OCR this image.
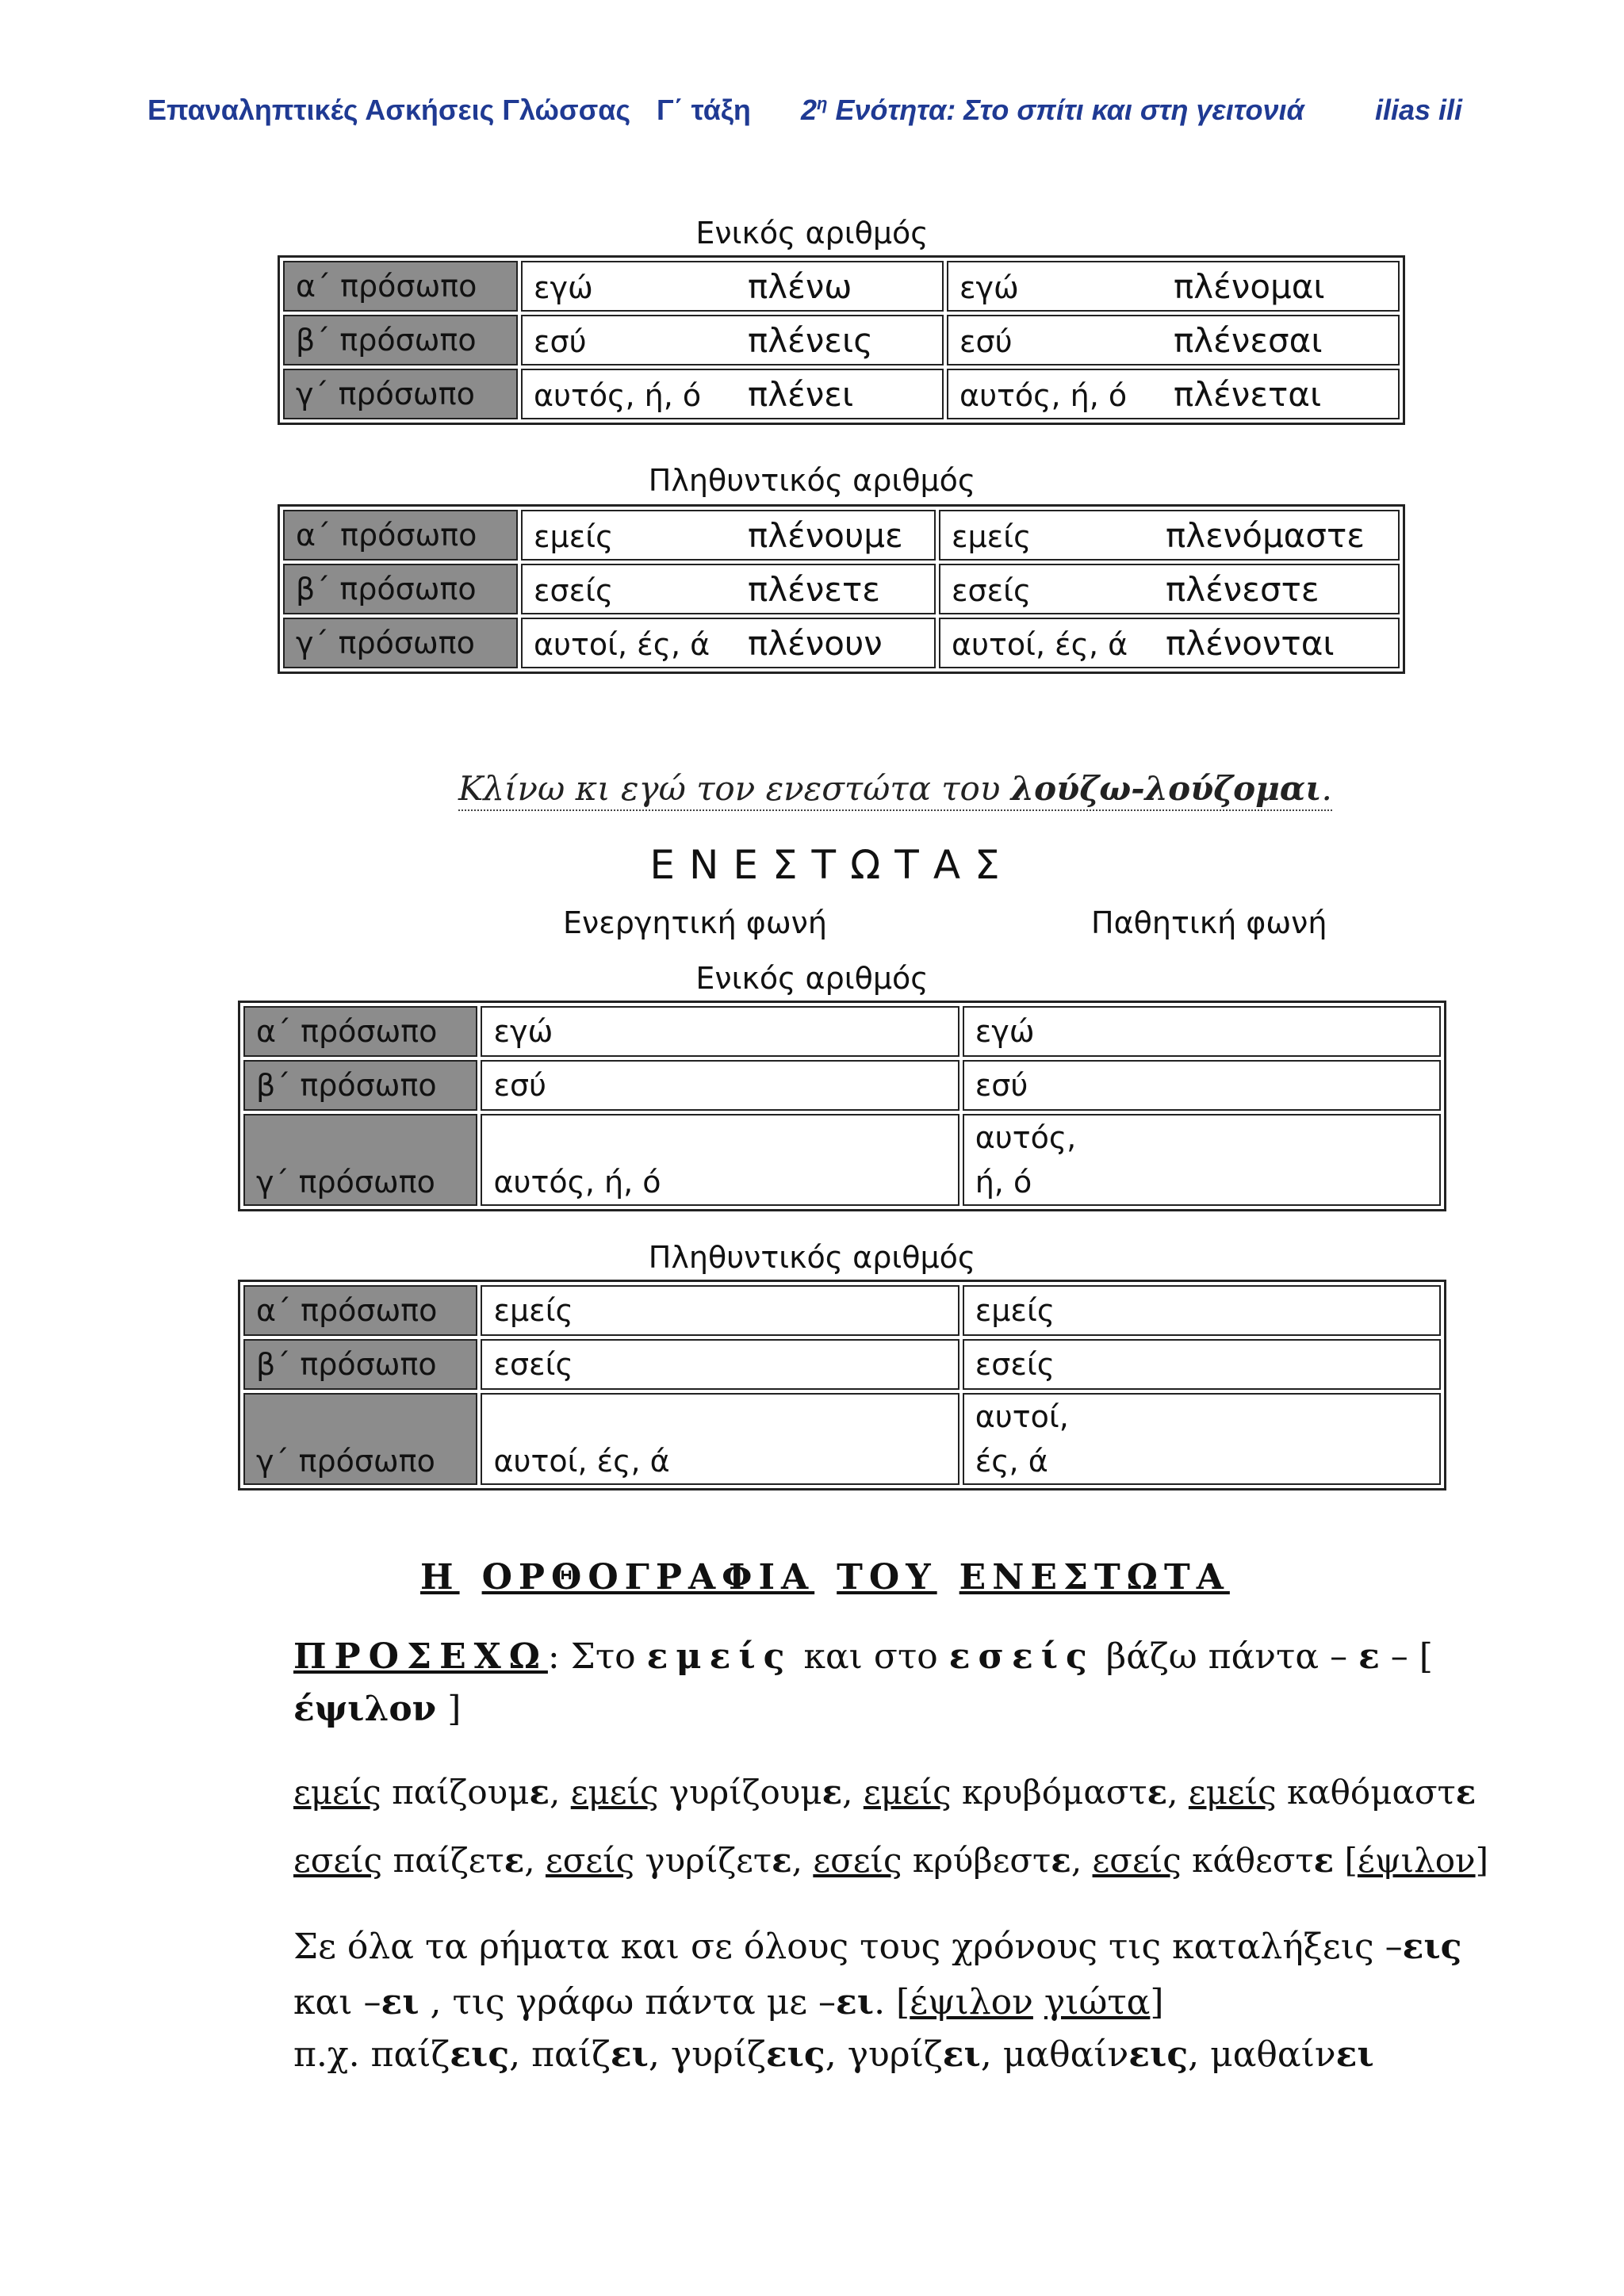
Επαναληπτικές Ασκήσεις Γλώσσας Γ΄ τάξη $2^\eta$ Ενότητα: Στο σπίτι και στη γειτονιά ilias ili
Ενικός αριθμός
α΄ πρόσωπο	εγώ πλένω	εγώ πλένομαι
β΄ πρόσωπο	εσύ πλένεις	εσύ πλένεσαι
γ΄ πρόσωπο	αυτός, ή, ό πλένει	αυτός, ή, ό πλένεται
Πληθυντικός αριθμός
α΄ πρόσωπο	εμείς πλένουμε	εμείς πλενόμαστε
β΄ πρόσωπο	εσείς πλένετε	εσείς πλένεστε
γ΄ πρόσωπο	αυτοί, ές, ά πλένουν	αυτοί, ές, ά πλένονται
Κλίνω κι εγώ τον ενεστώτα του λούζω-λούζομαι.
ΕΝΕΣΤΩΤΑΣ
Ενεργητική φωνή	Παθητική φωνή
Ενικός αριθμός
α΄ πρόσωπο	εγώ	εγώ
β΄ πρόσωπο	εσύ	εσύ
γ΄ πρόσωπο	αυτός, ή, ό	αυτός,
ή, ό
Πληθυντικός αριθμός
α΄ πρόσωπο	εμείς	εμείς
β΄ πρόσωπο	εσείς	εσείς
γ΄ πρόσωπο	αυτοί, ές, ά	αυτοί,
ές, ά
Η ΟΡΘΟΓΡΑΦΙΑ ΤΟΥ ΕΝΕΣΤΩΤΑ
ΠΡΟΣΕΧΩ: Στο εμείς και στο εσείς βάζω πάντα – ε – [
έψιλον ]
εμείς παίζουμε, εμείς γυρίζουμε, εμείς κρυβόμαστε, εμείς καθόμαστε
εσείς παίζετε, εσείς γυρίζετε, εσείς κρύβεστε, εσείς κάθεστε [έψιλον]
Σε όλα τα ρήματα και σε όλους τους χρόνους τις καταλήξεις –εις
και –ει , τις γράφω πάντα με –ει. [έψιλον γιώτα]
π.χ. παίζεις, παίζει, γυρίζεις, γυρίζει, μαθαίνεις, μαθαίνει
